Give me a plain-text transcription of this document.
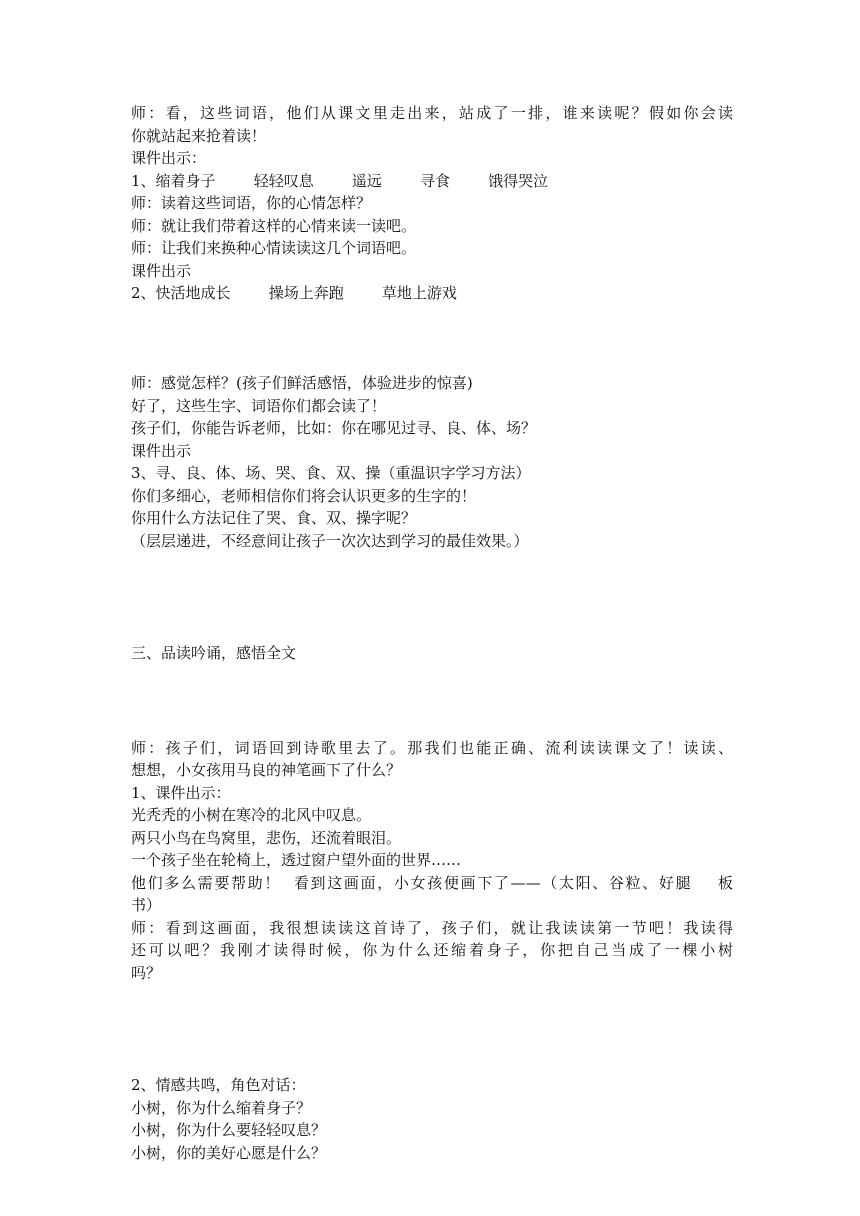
师：看，这些词语，他们从课文里走出来，站成了一排，谁来读呢？假如你会读
你就站起来抢着读！
课件出示：
1、缩着身子        轻轻叹息        遥远        寻食        饿得哭泣
师：读着这些词语，你的心情怎样？
师：就让我们带着这样的心情来读一读吧。
师：让我们来换种心情读读这几个词语吧。
课件出示
2、快活地成长        操场上奔跑        草地上游戏
师：感觉怎样？(孩子们鲜活感悟，体验进步的惊喜)
好了，这些生字、词语你们都会读了！
孩子们，你能告诉老师，比如：你在哪见过寻、良、体、场？
课件出示
3、寻、良、体、场、哭、食、双、操（重温识字学习方法）
你们多细心，老师相信你们将会认识更多的生字的！
你用什么方法记住了哭、食、双、操字呢？
（层层递进，不经意间让孩子一次次达到学习的最佳效果。）
三、品读吟诵，感悟全文
师：孩子们，词语回到诗歌里去了。那我们也能正确、流利读读课文了！读读、
想想，小女孩用马良的神笔画下了什么？
1、课件出示：
光秃秃的小树在寒冷的北风中叹息。
两只小鸟在鸟窝里，悲伤，还流着眼泪。
一个孩子坐在轮椅上，透过窗户望外面的世界……
他们多么需要帮助！  看到这画面，小女孩便画下了——（太阳、谷粒、好腿    板
书）
师：看到这画面，我很想读读这首诗了，孩子们，就让我读读第一节吧！我读得
还可以吧？我刚才读得时候，你为什么还缩着身子，你把自己当成了一棵小树
吗？
2、情感共鸣，角色对话：
小树，你为什么缩着身子？
小树，你为什么要轻轻叹息？
小树，你的美好心愿是什么？
